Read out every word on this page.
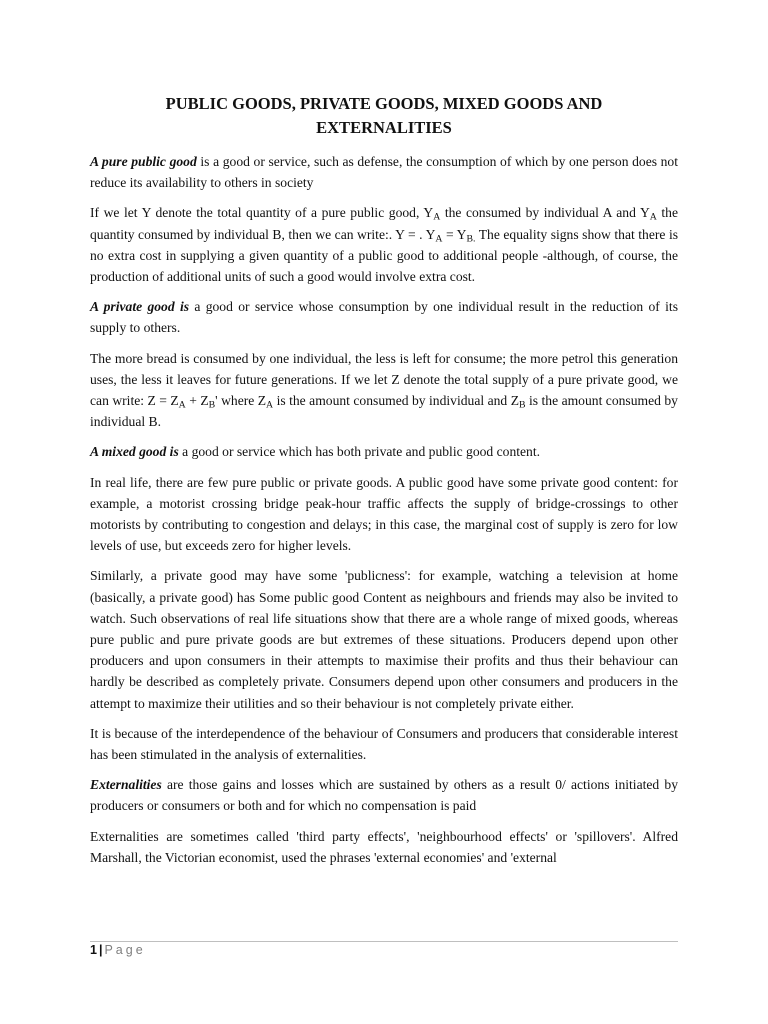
PUBLIC GOODS, PRIVATE GOODS, MIXED GOODS AND
EXTERNALITIES

A pure public good is a good or service, such as defense, the consumption of which by one person does not reduce its availability to others in society

If we let Y denote the total quantity of a pure public good, $Y_A$ the consumed by individual A and $Y_A$ the quantity consumed by individual B, then we can write:. Y = . $Y_A = Y_{B.}$ The equality signs show that there is no extra cost in supplying a given quantity of a public good to additional people -although, of course, the production of additional units of such a good would involve extra cost.

A private good is a good or service whose consumption by one individual result in the reduction of its supply to others.

The more bread is consumed by one individual, the less is left for consume; the more petrol this generation uses, the less it leaves for future generations. If we let Z denote the total supply of a pure private good, we can write: $Z = Z_A + Z_B'$ where $Z_A$ is the amount consumed by individual and $Z_B$ is the amount consumed by individual B.

A mixed good is a good or service which has both private and public good content.

In real life, there are few pure public or private goods. A public good have some private good content: for example, a motorist crossing bridge peak-hour traffic affects the supply of bridge-crossings to other motorists by contributing to congestion and delays; in this case, the marginal cost of supply is zero for low levels of use, but exceeds zero for higher levels.

Similarly, a private good may have some 'publicness': for example, watching a television at home (basically, a private good) has Some public good Content as neighbours and friends may also be invited to watch. Such observations of real life situations show that there are a whole range of mixed goods, whereas pure public and pure private goods are but extremes of these situations. Producers depend upon other producers and upon consumers in their attempts to maximise their profits and thus their behaviour can hardly be described as completely private. Consumers depend upon other consumers and producers in the attempt to maximize their utilities and so their behaviour is not completely private either.

It is because of the interdependence of the behaviour of Consumers and producers that considerable interest has been stimulated in the analysis of externalities.

Externalities are those gains and losses which are sustained by others as a result 0/ actions initiated by producers or consumers or both and for which no compensation is paid

Externalities are sometimes called 'third party effects', 'neighbourhood effects' or 'spillovers'. Alfred Marshall, the Victorian economist, used the phrases 'external economies' and 'external

1 | Page
